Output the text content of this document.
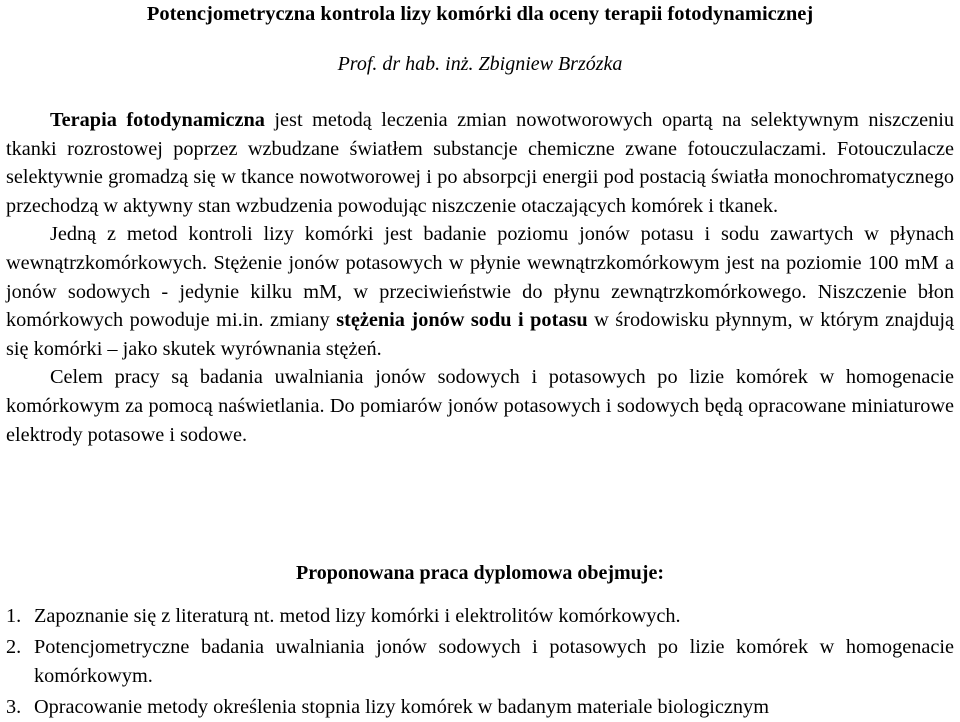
Potencjometryczna kontrola lizy komórki dla oceny terapii fotodynamicznej
Prof. dr hab. inż. Zbigniew Brzózka

Terapia fotodynamiczna jest metodą leczenia zmian nowotworowych opartą na selektywnym niszczeniu tkanki rozrostowej poprzez wzbudzane światłem substancje chemiczne zwane fotouczulaczami. Fotouczulacze selektywnie gromadzą się w tkance nowotworowej i po absorpcji energii pod postacią światła monochromatycznego przechodzą w aktywny stan wzbudzenia powodując niszczenie otaczających komórek i tkanek.

Jedną z metod kontroli lizy komórki jest badanie poziomu jonów potasu i sodu zawartych w płynach wewnątrzkomórkowych. Stężenie jonów potasowych w płynie wewnątrzkomórkowym jest na poziomie 100 mM a jonów sodowych - jedynie kilku mM, w przeciwieństwie do płynu zewnątrzkomórkowego. Niszczenie błon komórkowych powoduje mi.in. zmiany stężenia jonów sodu i potasu w środowisku płynnym, w którym znajdują się komórki – jako skutek wyrównania stężeń.

Celem pracy są badania uwalniania jonów sodowych i potasowych po lizie komórek w homogenacie komórkowym za pomocą naświetlania. Do pomiarów jonów potasowych i sodowych będą opracowane miniaturowe elektrody potasowe i sodowe.

Proponowana praca dyplomowa obejmuje:
1. Zapoznanie się z literaturą nt. metod lizy komórki i elektrolitów komórkowych.
2. Potencjometryczne badania uwalniania jonów sodowych i potasowych po lizie komórek w homogenacie komórkowym.
3. Opracowanie metody określenia stopnia lizy komórek w badanym materiale biologicznym
